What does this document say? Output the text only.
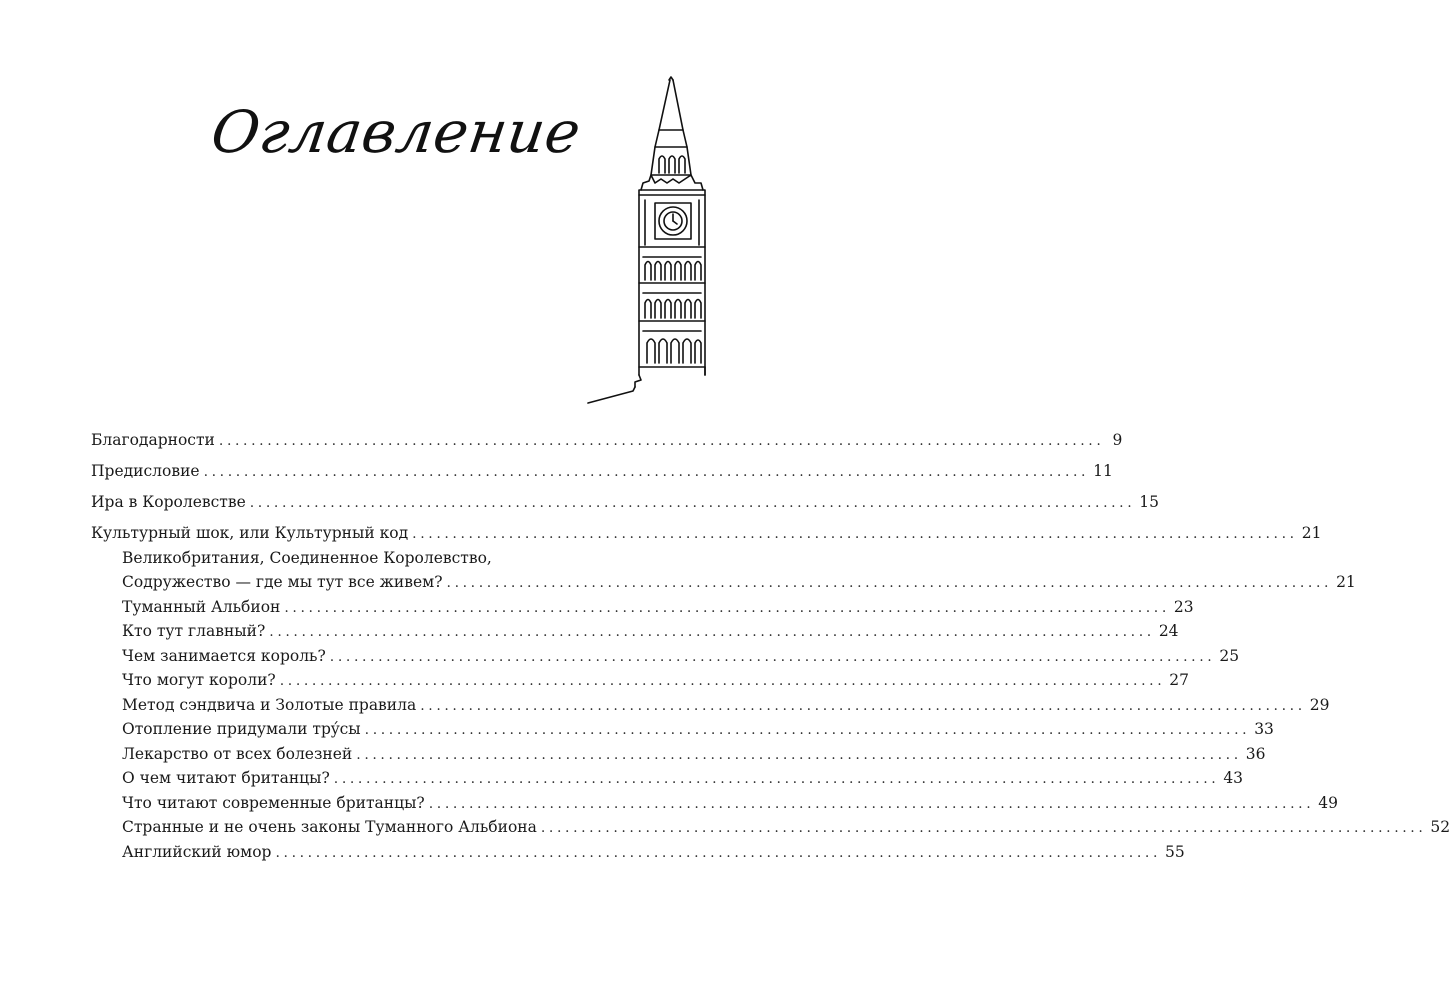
Оглавление
Благодарности .............................................................................................................. 9
Предисловие .............................................................................................................. 11
Ира в Королевстве .............................................................................................................. 15
Культурный шок, или Культурный код .............................................................................................................. 21
Великобритания, Соединенное Королевство,
Содружество — где мы тут все живем? .............................................................................................................. 21
Туманный Альбион .............................................................................................................. 23
Кто тут главный? .............................................................................................................. 24
Чем занимается король? .............................................................................................................. 25
Что могут короли? .............................................................................................................. 27
Метод сэндвича и Золотые правила .............................................................................................................. 29
Отопление придумали трýсы .............................................................................................................. 33
Лекарство от всех болезней .............................................................................................................. 36
О чем читают британцы? .............................................................................................................. 43
Что читают современные британцы? .............................................................................................................. 49
Странные и не очень законы Туманного Альбиона .............................................................................................................. 52
Английский юмор .............................................................................................................. 55
